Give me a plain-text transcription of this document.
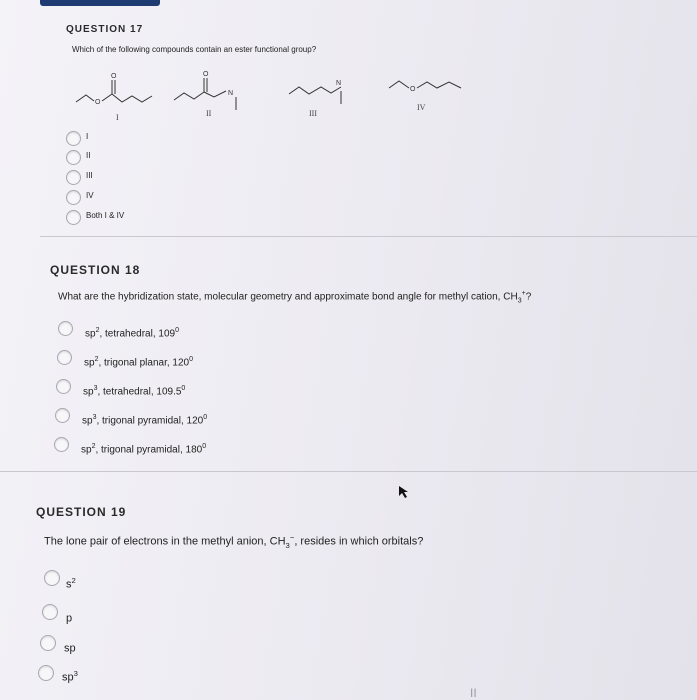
QUESTION 17
Which of the following compounds contain an ester functional group?
O
O
I
O
N
II
N
III
O
IV
I
II
III
IV
Both I & IV
QUESTION 18
What are the hybridization state, molecular geometry and approximate bond angle for methyl cation, $CH_3^+$?
$sp^2$, tetrahedral, $109^0$
$sp^2$, trigonal planar, $120^0$
$sp^3$, tetrahedral, 109.5$^0$
$sp^3$, trigonal pyramidal, $120^0$
$sp^2$, trigonal pyramidal, $180^0$
QUESTION 19
The lone pair of electrons in the methyl anion, $CH_3^-$, resides in which orbitals?
$s^2$
p
sp
$sp^3$
II
